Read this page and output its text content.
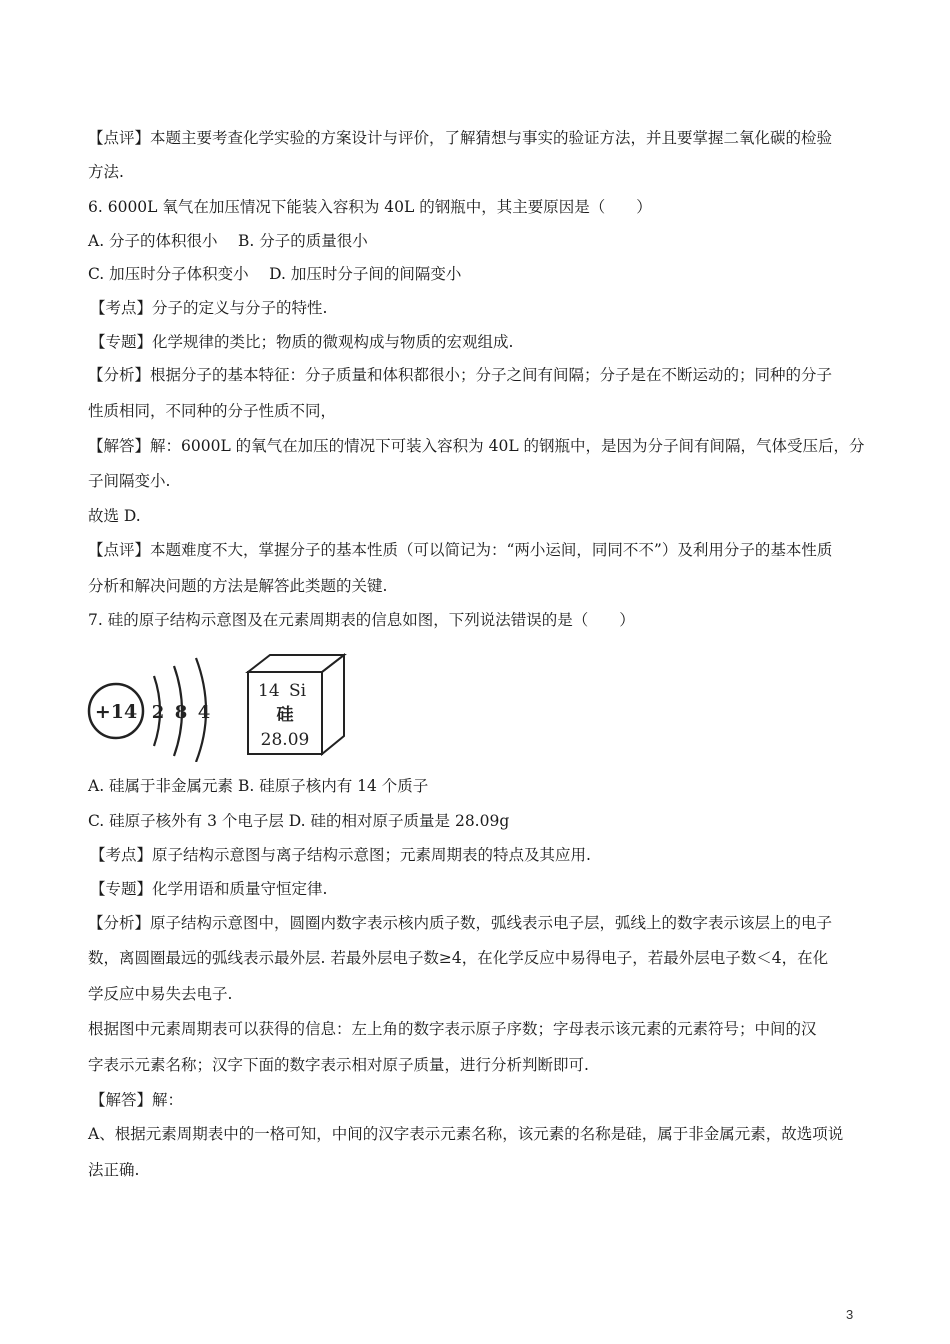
【点评】本题主要考查化学实验的方案设计与评价，了解猜想与事实的验证方法，并且要掌握二氧化碳的检验
方法.
6. 6000L 氧气在加压情况下能装入容积为 40L 的钢瓶中，其主要原因是（　　）
A. 分子的体积很小　 B. 分子的质量很小
C. 加压时分子体积变小　 D. 加压时分子间的间隔变小
【考点】分子的定义与分子的特性.
【专题】化学规律的类比；物质的微观构成与物质的宏观组成.
【分析】根据分子的基本特征：分子质量和体积都很小；分子之间有间隔；分子是在不断运动的；同种的分子
性质相同，不同种的分子性质不同，
【解答】解：6000L 的氧气在加压的情况下可装入容积为 40L 的钢瓶中，是因为分子间有间隔，气体受压后，分
子间隔变小.
故选 D.
【点评】本题难度不大，掌握分子的基本性质（可以简记为：“两小运间，同同不不”）及利用分子的基本性质
分析和解决问题的方法是解答此类题的关键.
7. 硅的原子结构示意图及在元素周期表的信息如图，下列说法错误的是（　　）
+14 2 8 4
14 Si
硅
28.09
A. 硅属于非金属元素 B. 硅原子核内有 14 个质子
C. 硅原子核外有 3 个电子层 D. 硅的相对原子质量是 28.09g
【考点】原子结构示意图与离子结构示意图；元素周期表的特点及其应用.
【专题】化学用语和质量守恒定律.
【分析】原子结构示意图中，圆圈内数字表示核内质子数，弧线表示电子层，弧线上的数字表示该层上的电子
数，离圆圈最远的弧线表示最外层. 若最外层电子数≥4，在化学反应中易得电子，若最外层电子数＜4，在化
学反应中易失去电子.
根据图中元素周期表可以获得的信息：左上角的数字表示原子序数；字母表示该元素的元素符号；中间的汉
字表示元素名称；汉字下面的数字表示相对原子质量，进行分析判断即可.
【解答】解：
A、根据元素周期表中的一格可知，中间的汉字表示元素名称，该元素的名称是硅，属于非金属元素，故选项说
法正确.
3
